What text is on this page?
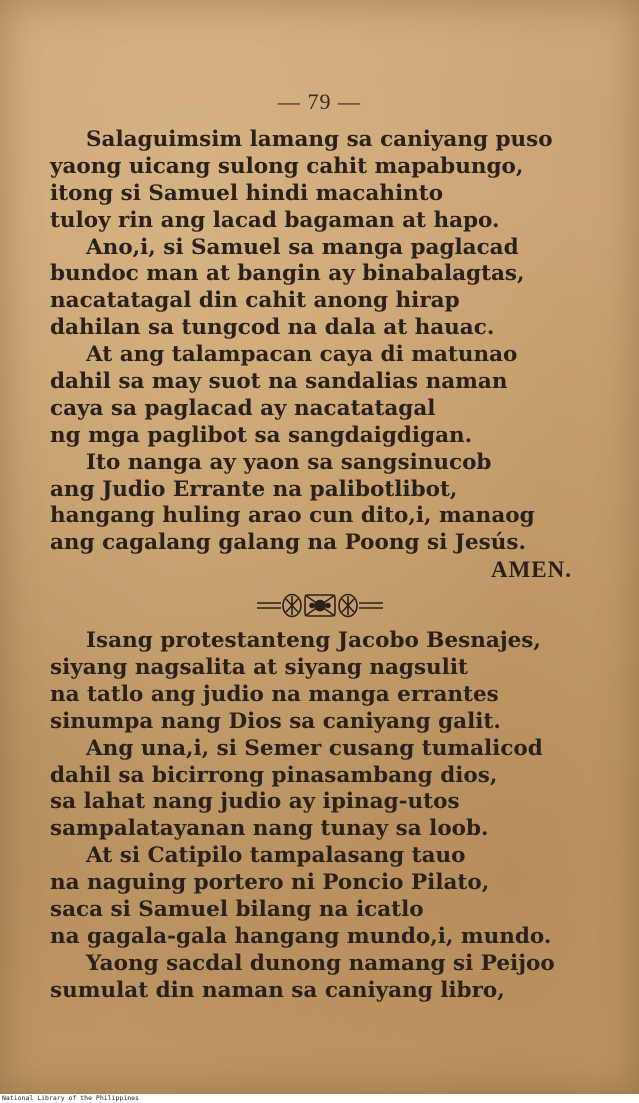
— 79 —
Salaguimsim lamang sa caniyang puso
yaong uicang sulong cahit mapabungo,
itong si Samuel hindi macahinto
tuloy rin ang lacad bagaman at hapo.
Ano,i, si Samuel sa manga paglacad
bundoc man at bangin ay binabalagtas,
nacatatagal din cahit anong hirap
dahilan sa tungcod na dala at hauac.
At ang talampacan caya di matunao
dahil sa may suot na sandalias naman
caya sa paglacad ay nacatatagal
ng mga paglibot sa sangdaigdigan.
Ito nanga ay yaon sa sangsinucob
ang Judio Errante na palibotlibot,
hangang huling arao cun dito,i, manaog
ang cagalang galang na Poong si Jesús.
AMEN.
Isang protestanteng Jacobo Besnajes,
siyang nagsalita at siyang nagsulit
na tatlo ang judio na manga errantes
sinumpa nang Dios sa caniyang galit.
Ang una,i, si Semer cusang tumalicod
dahil sa bicirrong pinasambang dios,
sa lahat nang judio ay ipinag-utos
sampalatayanan nang tunay sa loob.
At si Catipilo tampalasang tauo
na naguing portero ni Poncio Pilato,
saca si Samuel bilang na icatlo
na gagala-gala hangang mundo,i, mundo.
Yaong sacdal dunong namang si Peijoo
sumulat din naman sa caniyang libro,
National Library of the Philippines
